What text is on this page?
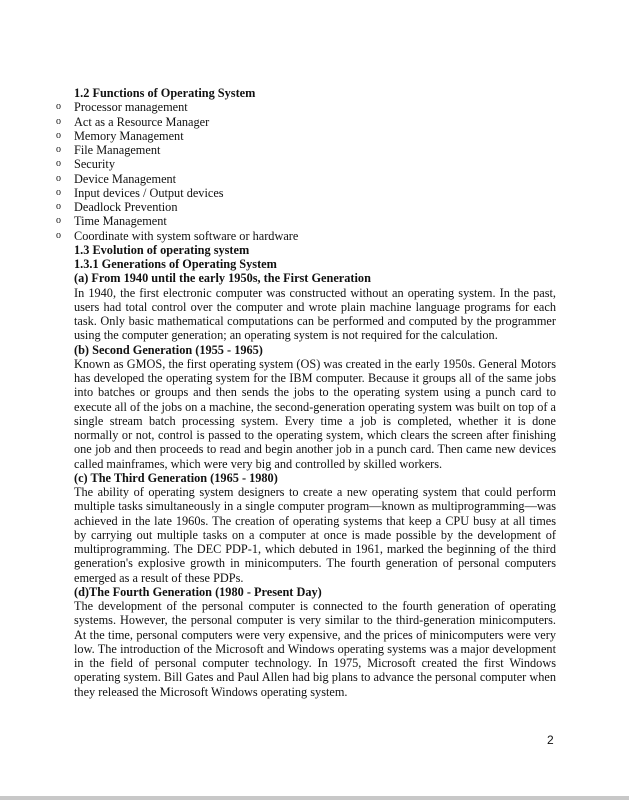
1.2 Functions of Operating System
o Processor management
o Act as a Resource Manager
o Memory Management
o File Management
o Security
o Device Management
o Input devices / Output devices
o Deadlock Prevention
o Time Management
o Coordinate with system software or hardware
1.3 Evolution of operating system
1.3.1 Generations of Operating System
(a) From 1940 until the early 1950s, the First Generation

In 1940, the first electronic computer was constructed without an operating system. In the past, users had total control over the computer and wrote plain machine language programs for each task. Only basic mathematical computations can be performed and computed by the programmer using the computer generation; an operating system is not required for the calculation.

(b) Second Generation (1955 - 1965)

Known as GMOS, the first operating system (OS) was created in the early 1950s. General Motors has developed the operating system for the IBM computer. Because it groups all of the same jobs into batches or groups and then sends the jobs to the operating system using a punch card to execute all of the jobs on a machine, the second-generation operating system was built on top of a single stream batch processing system. Every time a job is completed, whether it is done normally or not, control is passed to the operating system, which clears the screen after finishing one job and then proceeds to read and begin another job in a punch card. Then came new devices called mainframes, which were very big and controlled by skilled workers.

(c) The Third Generation (1965 - 1980)

The ability of operating system designers to create a new operating system that could perform multiple tasks simultaneously in a single computer program—known as multiprogramming—was achieved in the late 1960s. The creation of operating systems that keep a CPU busy at all times by carrying out multiple tasks on a computer at once is made possible by the development of multiprogramming. The DEC PDP-1, which debuted in 1961, marked the beginning of the third generation's explosive growth in minicomputers. The fourth generation of personal computers emerged as a result of these PDPs.

(d)The Fourth Generation (1980 - Present Day)

The development of the personal computer is connected to the fourth generation of operating systems. However, the personal computer is very similar to the third-generation minicomputers. At the time, personal computers were very expensive, and the prices of minicomputers were very low. The introduction of the Microsoft and Windows operating systems was a major development in the field of personal computer technology. In 1975, Microsoft created the first Windows operating system. Bill Gates and Paul Allen had big plans to advance the personal computer when they released the Microsoft Windows operating system.

2
